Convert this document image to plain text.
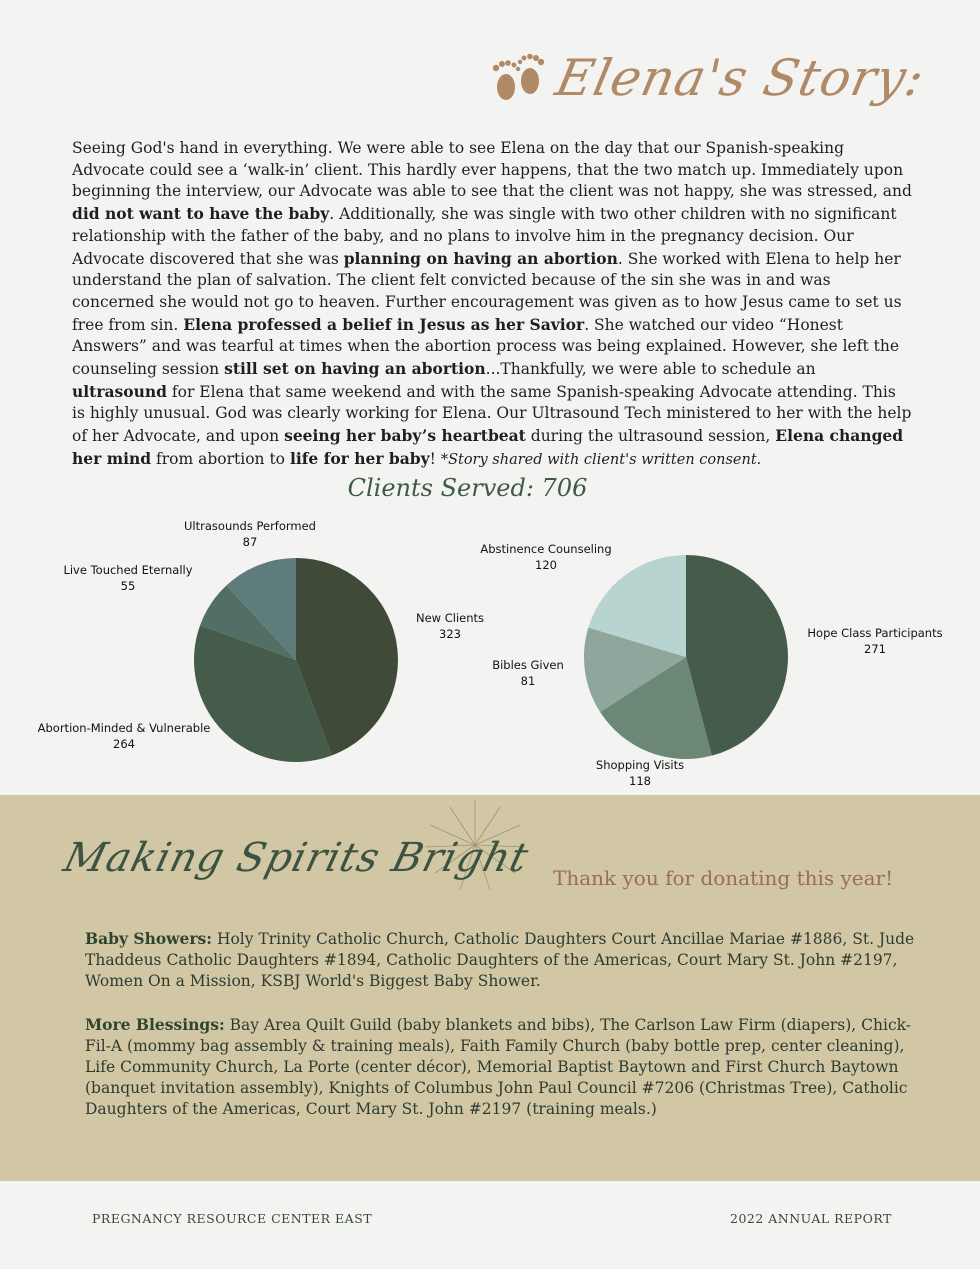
Elena's Story:
Seeing God's hand in everything. We were able to see Elena on the day that our Spanish-speaking Advocate could see a ‘walk-in’ client. This hardly ever happens, that the two match up. Immediately upon beginning the interview, our Advocate was able to see that the client was not happy, she was stressed, and did not want to have the baby. Additionally, she was single with two other children with no significant relationship with the father of the baby, and no plans to involve him in the pregnancy decision. Our Advocate discovered that she was planning on having an abortion. She worked with Elena to help her understand the plan of salvation. The client felt convicted because of the sin she was in and was concerned she would not go to heaven. Further encouragement was given as to how Jesus came to set us free from sin. Elena professed a belief in Jesus as her Savior. She watched our video “Honest Answers” and was tearful at times when the abortion process was being explained. However, she left the counseling session still set on having an abortion...Thankfully, we were able to schedule an ultrasound for Elena that same weekend and with the same Spanish-speaking Advocate attending. This is highly unusual. God was clearly working for Elena. Our Ultrasound Tech ministered to her with the help of her Advocate, and upon seeing her baby’s heartbeat during the ultrasound session, Elena changed her mind from abortion to life for her baby! *Story shared with client's written consent.
Clients Served: 706
New Clients
323
Abortion-Minded & Vulnerable
264
Live Touched Eternally
55
Ultrasounds Performed
87
Hope Class Participants
271
Shopping Visits
118
Bibles Given
81
Abstinence Counseling
120
Making Spirits Bright Thank you for donating this year!
Baby Showers: Holy Trinity Catholic Church, Catholic Daughters Court Ancillae Mariae #1886, St. Jude Thaddeus Catholic Daughters #1894, Catholic Daughters of the Americas, Court Mary St. John #2197, Women On a Mission, KSBJ World's Biggest Baby Shower.
More Blessings: Bay Area Quilt Guild (baby blankets and bibs), The Carlson Law Firm (diapers), Chick-Fil-A (mommy bag assembly & training meals), Faith Family Church (baby bottle prep, center cleaning), Life Community Church, La Porte (center décor), Memorial Baptist Baytown and First Church Baytown (banquet invitation assembly), Knights of Columbus John Paul Council #7206 (Christmas Tree), Catholic Daughters of the Americas, Court Mary St. John #2197 (training meals.)
PREGNANCY RESOURCE CENTER EAST	2022 ANNUAL REPORT
